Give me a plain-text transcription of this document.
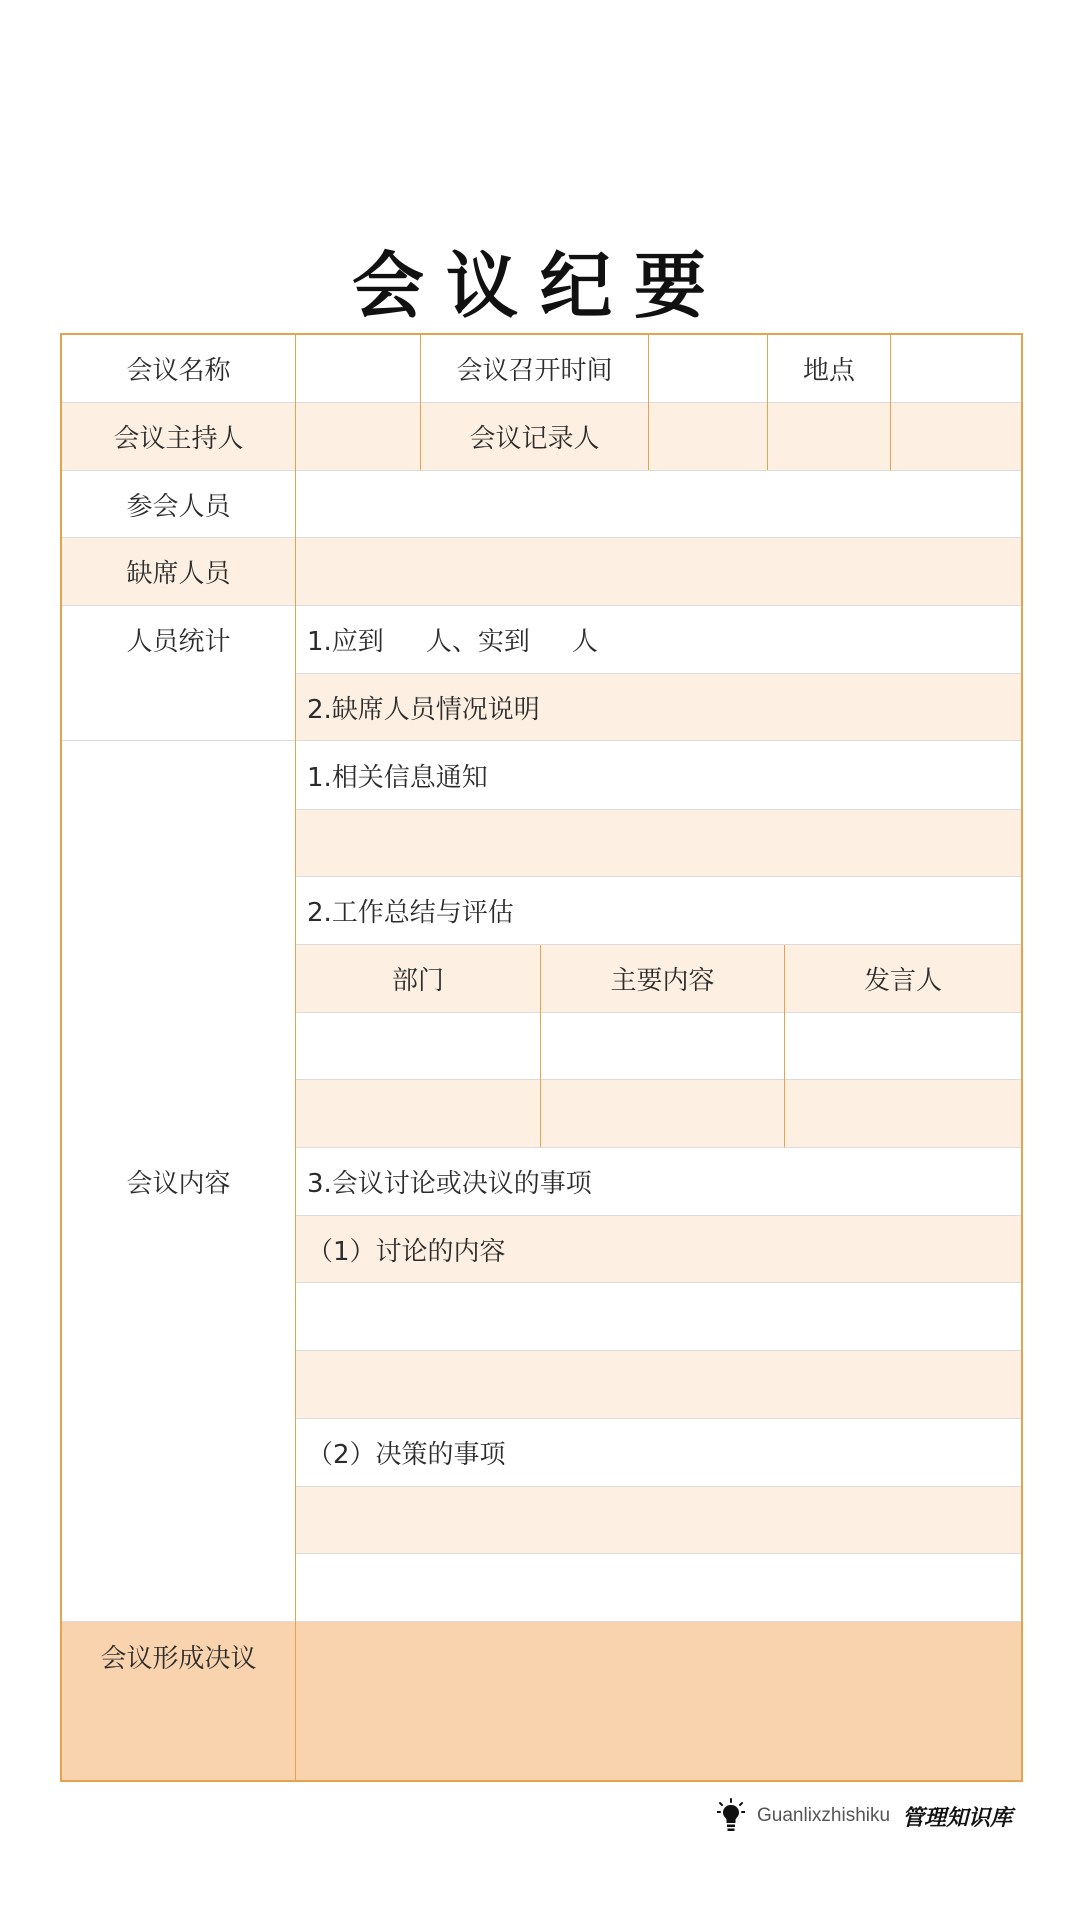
会议纪要
会议名称	会议召开时间	地点
会议主持人	会议记录人
参会人员
缺席人员
人员统计	1.应到 人、实到 人
2.缺席人员情况说明
会议内容
1.相关信息通知
2.工作总结与评估
部门	主要内容	发言人
3.会议讨论或决议的事项
（1）讨论的内容
（2）决策的事项
会议形成决议
Guanlixzhishiku 管理知识库
